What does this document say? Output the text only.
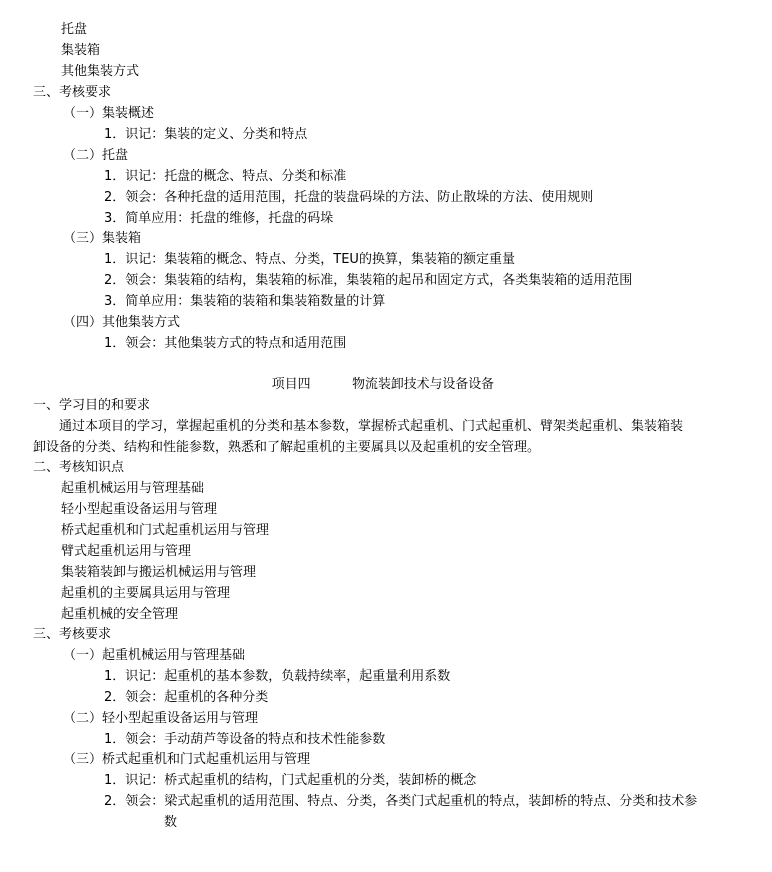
托盘
集装箱
其他集装方式
三、考核要求
（一）集装概述
1．识记：集装的定义、分类和特点
（二）托盘
1．识记：托盘的概念、特点、分类和标准
2．领会：各种托盘的适用范围，托盘的装盘码垛的方法、防止散垛的方法、使用规则
3．简单应用：托盘的维修，托盘的码垛
（三）集装箱
1．识记：集装箱的概念、特点、分类，TEU的换算，集装箱的额定重量
2．领会：集装箱的结构，集装箱的标准，集装箱的起吊和固定方式，各类集装箱的适用范围
3．简单应用：集装箱的装箱和集装箱数量的计算
（四）其他集装方式
1．领会：其他集装方式的特点和适用范围
项目四	物流装卸技术与设备设备
一、学习目的和要求
通过本项目的学习，掌握起重机的分类和基本参数，掌握桥式起重机、门式起重机、臂架类起重机、集装箱装
卸设备的分类、结构和性能参数，熟悉和了解起重机的主要属具以及起重机的安全管理。
二、考核知识点
起重机械运用与管理基础
轻小型起重设备运用与管理
桥式起重机和门式起重机运用与管理
臂式起重机运用与管理
集装箱装卸与搬运机械运用与管理
起重机的主要属具运用与管理
起重机械的安全管理
三、考核要求
（一）起重机械运用与管理基础
1．识记：起重机的基本参数，负载持续率，起重量利用系数
2．领会：起重机的各种分类
（二）轻小型起重设备运用与管理
1．领会：手动葫芦等设备的特点和技术性能参数
（三）桥式起重机和门式起重机运用与管理
1．识记：桥式起重机的结构，门式起重机的分类，装卸桥的概念
2．领会：梁式起重机的适用范围、特点、分类，各类门式起重机的特点，装卸桥的特点、分类和技术参
数
